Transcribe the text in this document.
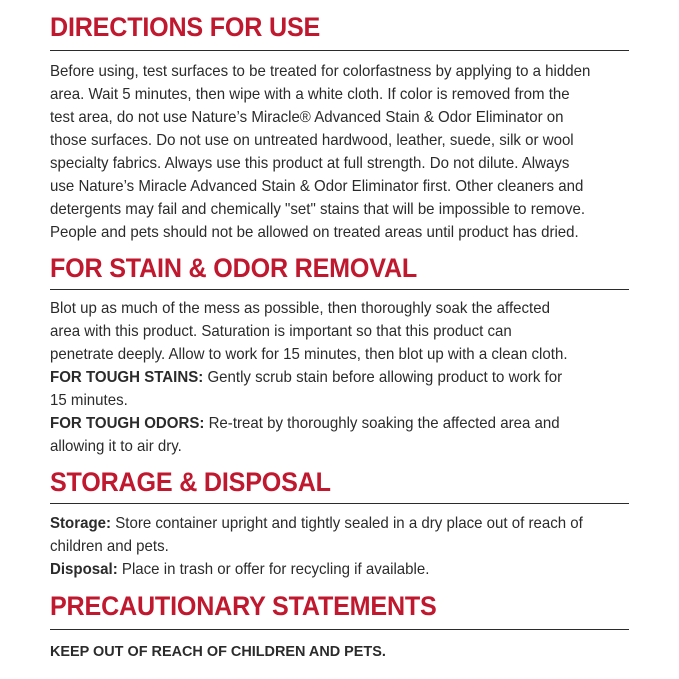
DIRECTIONS FOR USE
Before using, test surfaces to be treated for colorfastness by applying to a hidden
area. Wait 5 minutes, then wipe with a white cloth. If color is removed from the
test area, do not use Nature’s Miracle® Advanced Stain & Odor Eliminator on
those surfaces. Do not use on untreated hardwood, leather, suede, silk or wool
specialty fabrics. Always use this product at full strength. Do not dilute. Always
use Nature’s Miracle Advanced Stain & Odor Eliminator first. Other cleaners and
detergents may fail and chemically "set" stains that will be impossible to remove.
People and pets should not be allowed on treated areas until product has dried.
FOR STAIN & ODOR REMOVAL
Blot up as much of the mess as possible, then thoroughly soak the affected
area with this product. Saturation is important so that this product can
penetrate deeply. Allow to work for 15 minutes, then blot up with a clean cloth.
FOR TOUGH STAINS: Gently scrub stain before allowing product to work for
15 minutes.
FOR TOUGH ODORS: Re-treat by thoroughly soaking the affected area and
allowing it to air dry.
STORAGE & DISPOSAL
Storage: Store container upright and tightly sealed in a dry place out of reach of
children and pets.
Disposal: Place in trash or offer for recycling if available.
PRECAUTIONARY STATEMENTS
KEEP OUT OF REACH OF CHILDREN AND PETS.
